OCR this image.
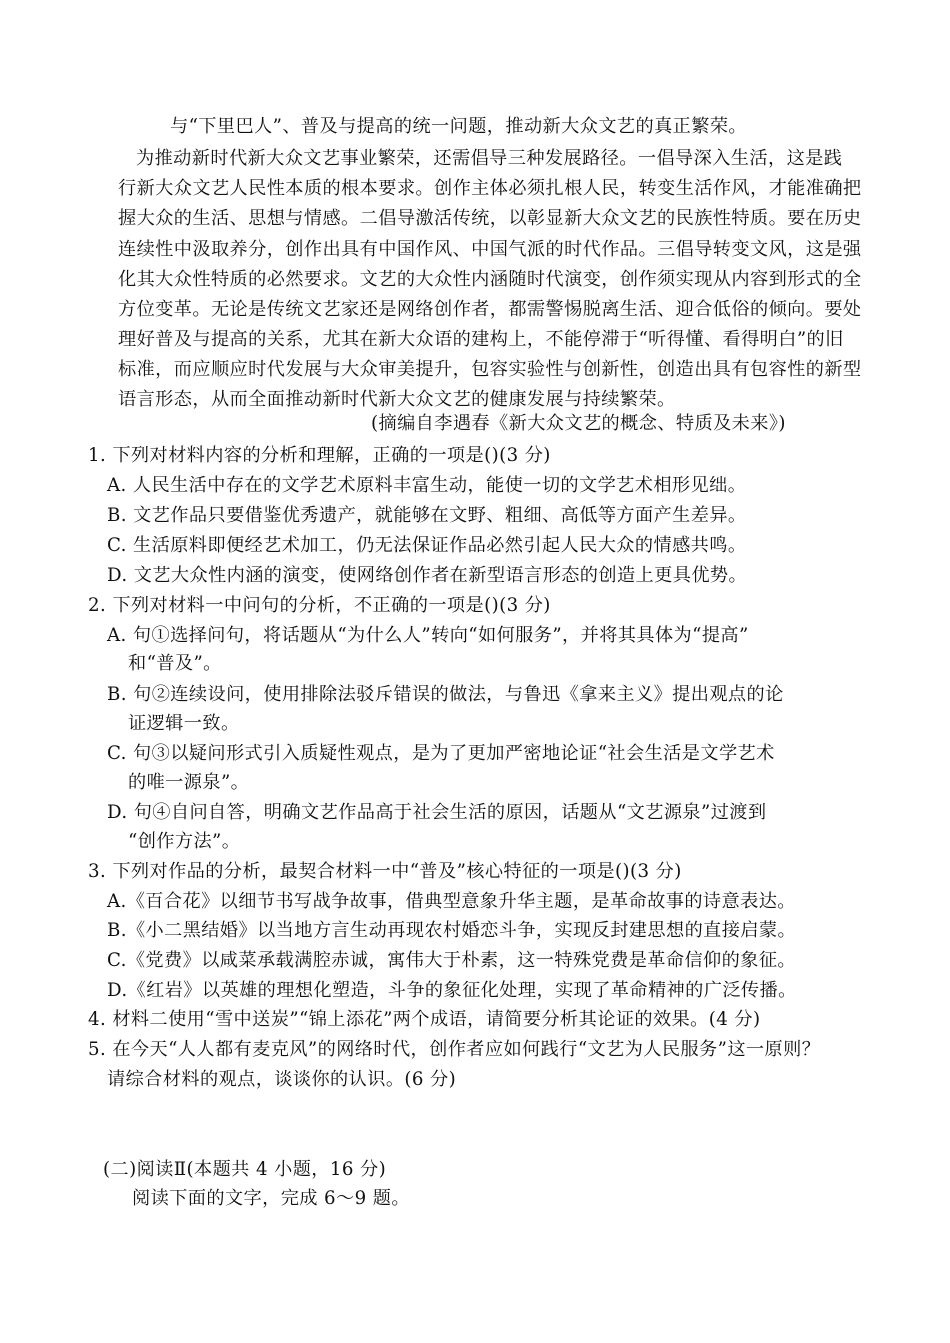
与“下里巴人”、普及与提高的统一问题，推动新大众文艺的真正繁荣。
为推动新时代新大众文艺事业繁荣，还需倡导三种发展路径。一倡导深入生活，这是践
行新大众文艺人民性本质的根本要求。创作主体必须扎根人民，转变生活作风，才能准确把
握大众的生活、思想与情感。二倡导激活传统，以彰显新大众文艺的民族性特质。要在历史
连续性中汲取养分，创作出具有中国作风、中国气派的时代作品。三倡导转变文风，这是强
化其大众性特质的必然要求。文艺的大众性内涵随时代演变，创作须实现从内容到形式的全
方位变革。无论是传统文艺家还是网络创作者，都需警惕脱离生活、迎合低俗的倾向。要处
理好普及与提高的关系，尤其在新大众语的建构上，不能停滞于“听得懂、看得明白”的旧
标准，而应顺应时代发展与大众审美提升，包容实验性与创新性，创造出具有包容性的新型
语言形态，从而全面推动新时代新大众文艺的健康发展与持续繁荣。
(摘编自李遇春《新大众文艺的概念、特质及未来》)
1. 下列对材料内容的分析和理解，正确的一项是()(3 分)
A. 人民生活中存在的文学艺术原料丰富生动，能使一切的文学艺术相形见绌。
B. 文艺作品只要借鉴优秀遗产，就能够在文野、粗细、高低等方面产生差异。
C. 生活原料即便经艺术加工，仍无法保证作品必然引起人民大众的情感共鸣。
D. 文艺大众性内涵的演变，使网络创作者在新型语言形态的创造上更具优势。
2. 下列对材料一中问句的分析，不正确的一项是()(3 分)
A. 句①选择问句，将话题从“为什么人”转向“如何服务”，并将其具体为“提高”
和“普及”。
B. 句②连续设问，使用排除法驳斥错误的做法，与鲁迅《拿来主义》提出观点的论
证逻辑一致。
C. 句③以疑问形式引入质疑性观点，是为了更加严密地论证“社会生活是文学艺术
的唯一源泉”。
D. 句④自问自答，明确文艺作品高于社会生活的原因，话题从“文艺源泉”过渡到
“创作方法”。
3. 下列对作品的分析，最契合材料一中“普及”核心特征的一项是()(3 分)
A.《百合花》以细节书写战争故事，借典型意象升华主题，是革命故事的诗意表达。
B.《小二黑结婚》以当地方言生动再现农村婚恋斗争，实现反封建思想的直接启蒙。
C.《党费》以咸菜承载满腔赤诚，寓伟大于朴素，这一特殊党费是革命信仰的象征。
D.《红岩》以英雄的理想化塑造，斗争的象征化处理，实现了革命精神的广泛传播。
4. 材料二使用“雪中送炭”“锦上添花”两个成语，请简要分析其论证的效果。(4 分)
5. 在今天“人人都有麦克风”的网络时代，创作者应如何践行“文艺为人民服务”这一原则？
请综合材料的观点，谈谈你的认识。(6 分)
(二)阅读Ⅱ(本题共 4 小题，16 分)
阅读下面的文字，完成 6～9 题。
